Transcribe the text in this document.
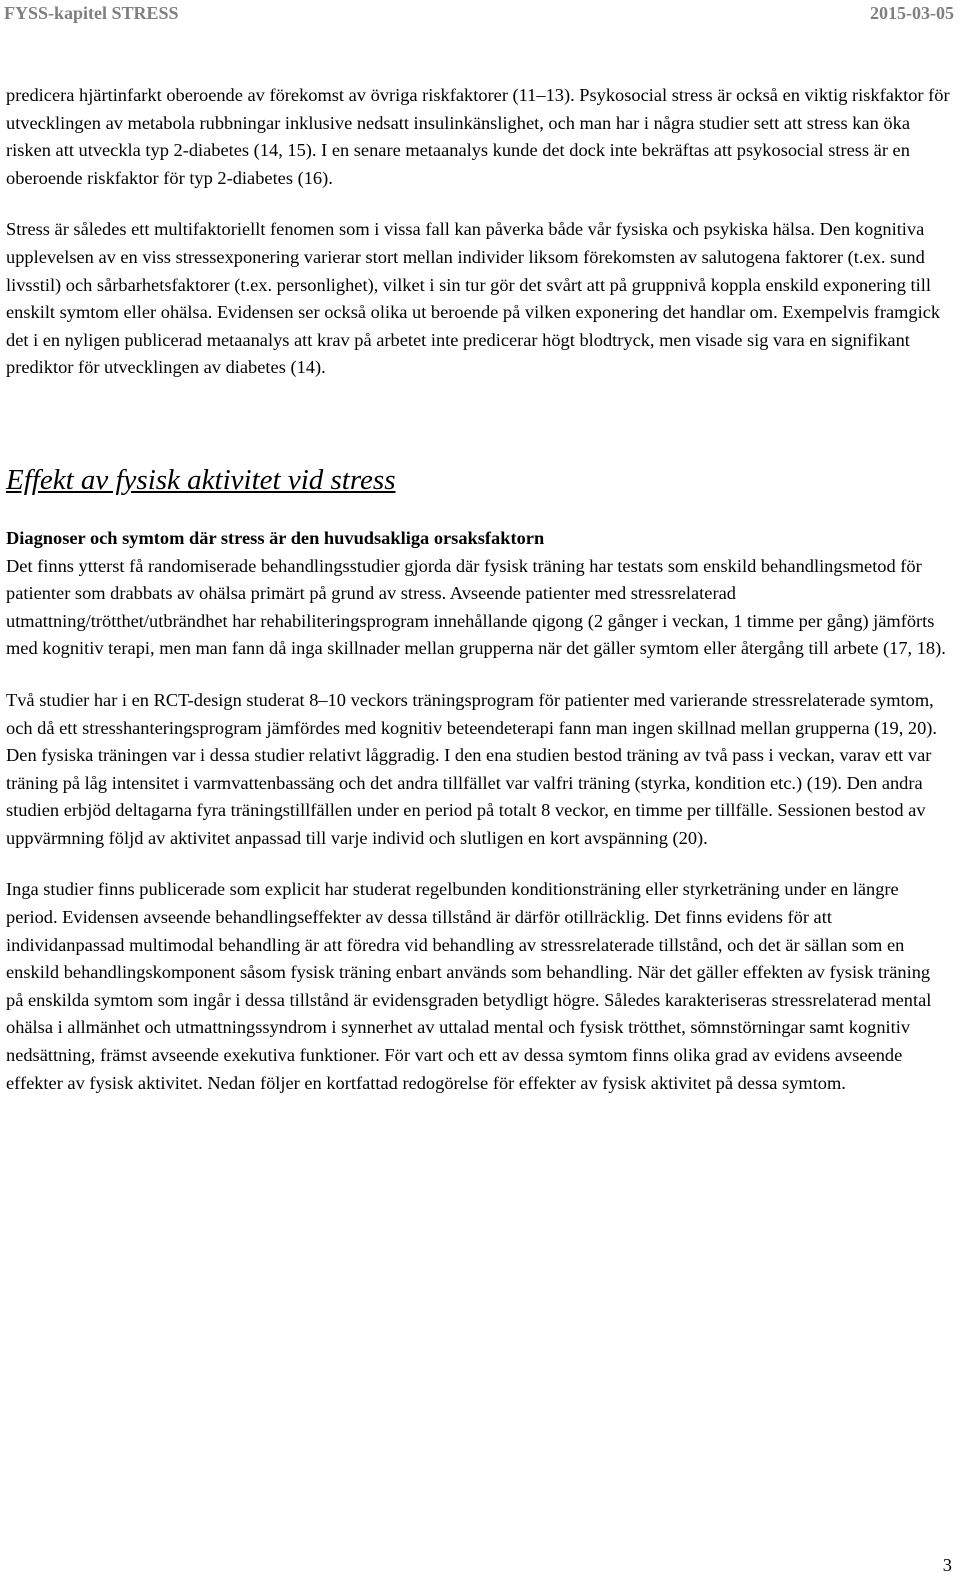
FYSS-kapitel STRESS	2015-03-05

predicera hjärtinfarkt oberoende av förekomst av övriga riskfaktorer (11–13). Psykosocial stress är också en viktig riskfaktor för utvecklingen av metabola rubbningar inklusive nedsatt insulinkänslighet, och man har i några studier sett att stress kan öka risken att utveckla typ 2-diabetes (14, 15). I en senare metaanalys kunde det dock inte bekräftas att psykosocial stress är en oberoende riskfaktor för typ 2-diabetes (16).

Stress är således ett multifaktoriellt fenomen som i vissa fall kan påverka både vår fysiska och psykiska hälsa. Den kognitiva upplevelsen av en viss stressexponering varierar stort mellan individer liksom förekomsten av salutogena faktorer (t.ex. sund livsstil) och sårbarhetsfaktorer (t.ex. personlighet), vilket i sin tur gör det svårt att på gruppnivå koppla enskild exponering till enskilt symtom eller ohälsa. Evidensen ser också olika ut beroende på vilken exponering det handlar om. Exempelvis framgick det i en nyligen publicerad metaanalys att krav på arbetet inte predicerar högt blodtryck, men visade sig vara en signifikant prediktor för utvecklingen av diabetes (14).

Effekt av fysisk aktivitet vid stress
Diagnoser och symtom där stress är den huvudsakliga orsaksfaktorn

Det finns ytterst få randomiserade behandlingsstudier gjorda där fysisk träning har testats som enskild behandlingsmetod för patienter som drabbats av ohälsa primärt på grund av stress. Avseende patienter med stressrelaterad utmattning/trötthet/utbrändhet har rehabiliteringsprogram innehållande qigong (2 gånger i veckan, 1 timme per gång) jämförts med kognitiv terapi, men man fann då inga skillnader mellan grupperna när det gäller symtom eller återgång till arbete (17, 18).

Två studier har i en RCT-design studerat 8–10 veckors träningsprogram för patienter med varierande stressrelaterade symtom, och då ett stresshanteringsprogram jämfördes med kognitiv beteendeterapi fann man ingen skillnad mellan grupperna (19, 20). Den fysiska träningen var i dessa studier relativt låggradig. I den ena studien bestod träning av två pass i veckan, varav ett var träning på låg intensitet i varmvattenbassäng och det andra tillfället var valfri träning (styrka, kondition etc.) (19). Den andra studien erbjöd deltagarna fyra träningstillfällen under en period på totalt 8 veckor, en timme per tillfälle. Sessionen bestod av uppvärmning följd av aktivitet anpassad till varje individ och slutligen en kort avspänning (20).

Inga studier finns publicerade som explicit har studerat regelbunden konditionsträning eller styrketräning under en längre period. Evidensen avseende behandlingseffekter av dessa tillstånd är därför otillräcklig. Det finns evidens för att individanpassad multimodal behandling är att föredra vid behandling av stressrelaterade tillstånd, och det är sällan som en enskild behandlingskomponent såsom fysisk träning enbart används som behandling. När det gäller effekten av fysisk träning på enskilda symtom som ingår i dessa tillstånd är evidensgraden betydligt högre. Således karakteriseras stressrelaterad mental ohälsa i allmänhet och utmattningssyndrom i synnerhet av uttalad mental och fysisk trötthet, sömnstörningar samt kognitiv nedsättning, främst avseende exekutiva funktioner. För vart och ett av dessa symtom finns olika grad av evidens avseende effekter av fysisk aktivitet. Nedan följer en kortfattad redogörelse för effekter av fysisk aktivitet på dessa symtom.

3
